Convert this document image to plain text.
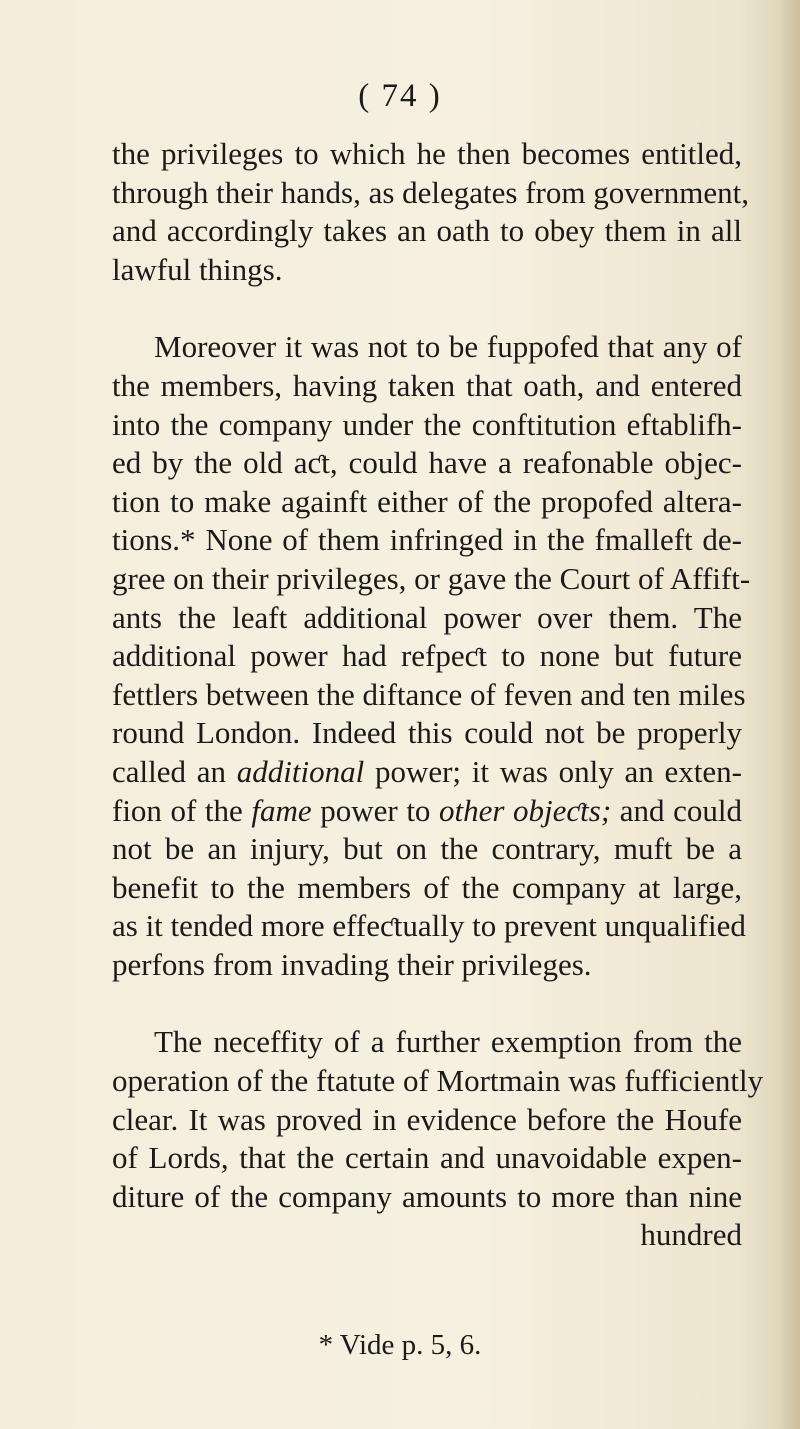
( 74 )
the privileges to which he then becomes entitled,
through their hands, as delegates from government,
and accordingly takes an oath to obey them in all
lawful things.
Moreover it was not to be fuppofed that any of
the members, having taken that oath, and entered
into the company under the conftitution eftablifh-
ed by the old aƈt, could have a reafonable objec-
tion to make againft either of the propofed altera-
tions.* None of them infringed in the fmalleft de-
gree on their privileges, or gave the Court of Affift-
ants the leaft additional power over them. The
additional power had refpeƈt to none but future
fettlers between the diftance of feven and ten miles
round London. Indeed this could not be properly
called an additional power; it was only an exten-
fion of the fame power to other objeƈts; and could
not be an injury, but on the contrary, muft be a
benefit to the members of the company at large,
as it tended more effeƈtually to prevent unqualified
perfons from invading their privileges.
The neceffity of a further exemption from the
operation of the ftatute of Mortmain was fufficiently
clear. It was proved in evidence before the Houfe
of Lords, that the certain and unavoidable expen-
diture of the company amounts to more than nine
hundred
* Vide p. 5, 6.
